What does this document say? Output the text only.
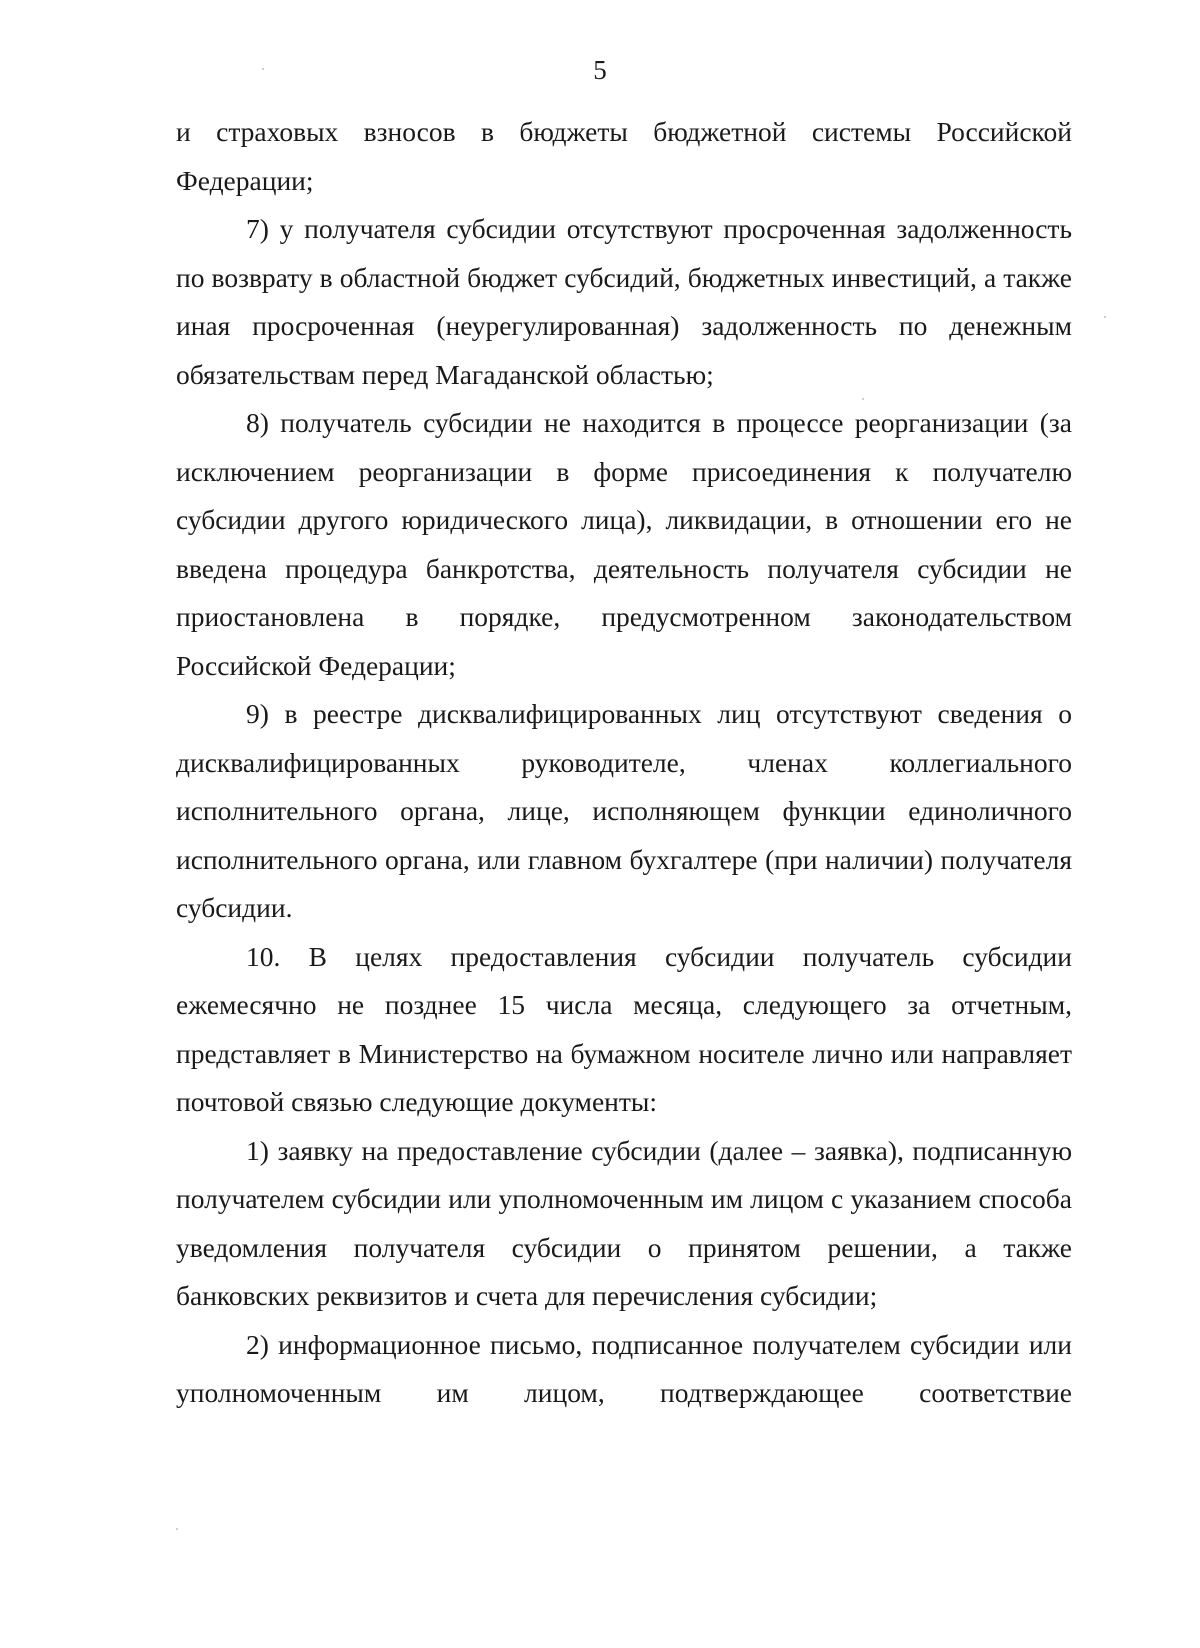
5

и страховых взносов в бюджеты бюджетной системы Российской Федерации;

7) у получателя субсидии отсутствуют просроченная задолженность по возврату в областной бюджет субсидий, бюджетных инвестиций, а также иная просроченная (неурегулированная) задолженность по денежным обязательствам перед Магаданской областью;

8) получатель субсидии не находится в процессе реорганизации (за исключением реорганизации в форме присоединения к получателю субсидии другого юридического лица), ликвидации, в отношении его не введена процедура банкротства, деятельность получателя субсидии не приостановлена в порядке, предусмотренном законодательством Российской Федерации;

9) в реестре дисквалифицированных лиц отсутствуют сведения о дисквалифицированных руководителе, членах коллегиального исполнительного органа, лице, исполняющем функции единоличного исполнительного органа, или главном бухгалтере (при наличии) получателя субсидии.

10. В целях предоставления субсидии получатель субсидии ежемесячно не позднее 15 числа месяца, следующего за отчетным, представляет в Министерство на бумажном носителе лично или направляет почтовой связью следующие документы:

1) заявку на предоставление субсидии (далее – заявка), подписанную получателем субсидии или уполномоченным им лицом с указанием способа уведомления получателя субсидии о принятом решении, а также банковских реквизитов и счета для перечисления субсидии;

2) информационное письмо, подписанное получателем субсидии или уполномоченным им лицом, подтверждающее соответствие
